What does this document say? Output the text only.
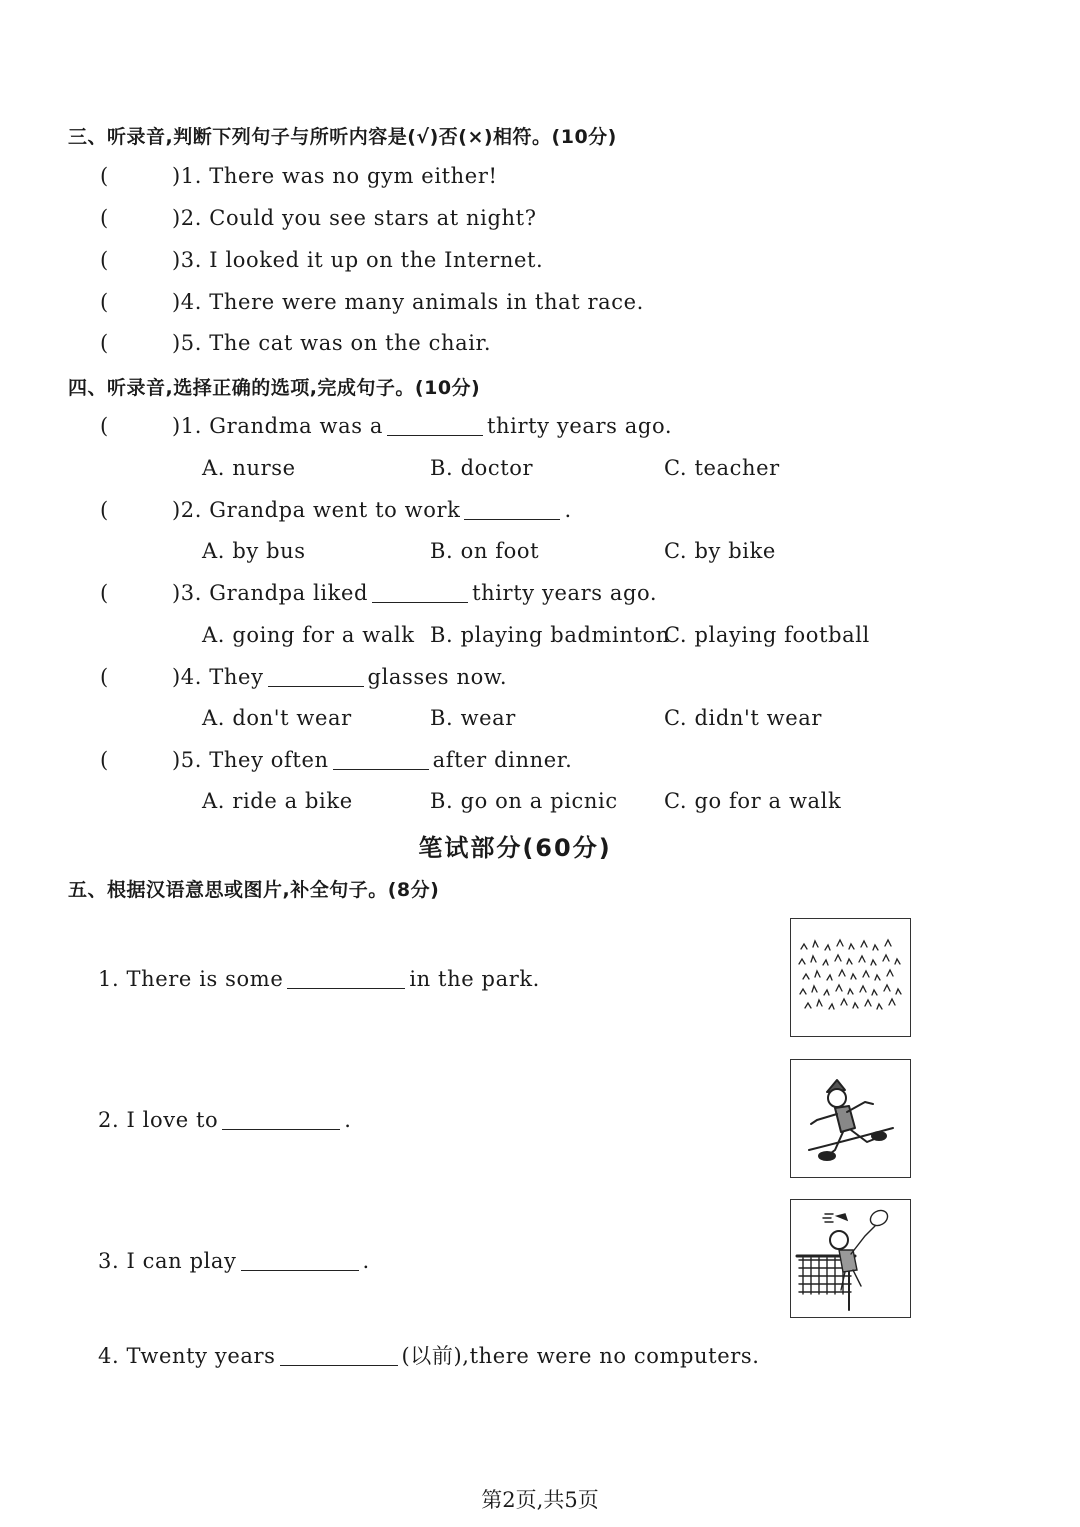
三、听录音,判断下列句子与所听内容是(√)否(×)相符。(10分)
(	)1. There was no gym either!
(	)2. Could you see stars at night?
(	)3. I looked it up on the Internet.
(	)4. There were many animals in that race.
(	)5. The cat was on the chair.
四、听录音,选择正确的选项,完成句子。(10分)
(	)1. Grandma was a	thirty years ago.
A. nurse	B. doctor	C. teacher
(	)2. Grandpa went to work	.
A. by bus	B. on foot	C. by bike
(	)3. Grandpa liked	thirty years ago.
A. going for a walk B. playing badminton
C. playing football
(	)4. They	glasses now.
A. don't wear	B. wear	C. didn't wear
(	)5. They often	after dinner.
A. ride a bike	B. go on a picnic C. go for a walk
笔试部分(60分)
五、根据汉语意思或图片,补全句子。(8分)
1. There is some	in the park.
2. I love to	.
3. I can play	.
4. Twenty years	(以前),there were no computers.
第2页,共5页
